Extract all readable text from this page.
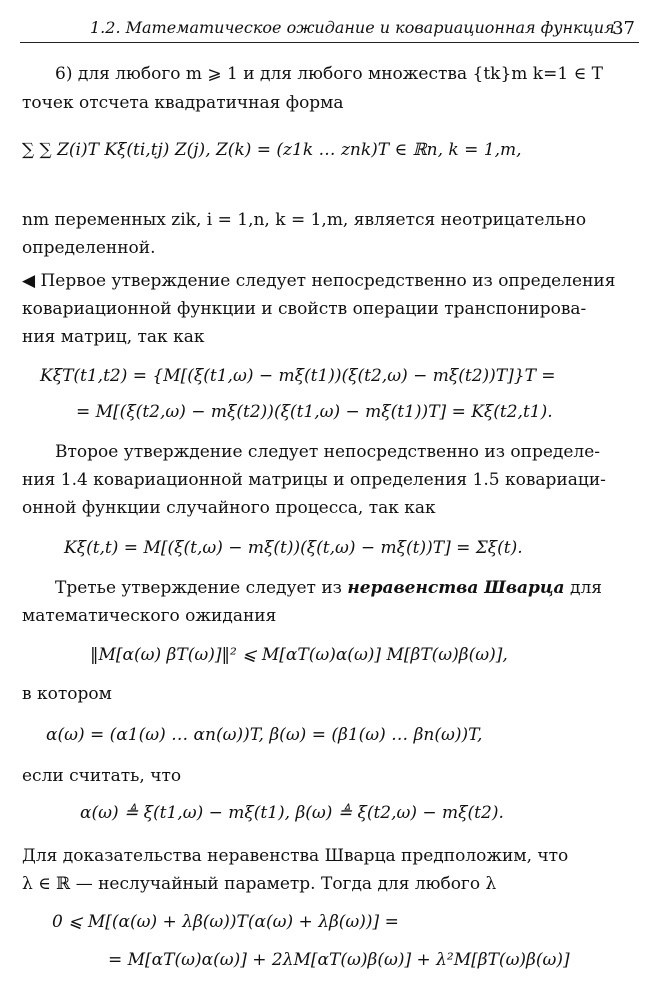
1.2. Математическое ожидание и ковариационная функция
37
6) для любого m ⩾ 1 и для любого множества {tk}m k=1 ∈ T
точек отсчета квадратичная форма
∑ ∑ Z(i)T Kξ(ti,tj) Z(j), Z(k) = (z1k … znk)T ∈ ℝn, k = 1,m,
nm переменных zik, i = 1,n, k = 1,m, является неотрицательно
определенной.
◀ Первое утверждение следует непосредственно из определения
ковариационной функции и свойств операции транспонирова-
ния матриц, так как
KξT(t1,t2) = {M[(ξ(t1,ω) − mξ(t1))(ξ(t2,ω) − mξ(t2))T]}T =
= M[(ξ(t2,ω) − mξ(t2))(ξ(t1,ω) − mξ(t1))T] = Kξ(t2,t1).
Второе утверждение следует непосредственно из определе-
ния 1.4 ковариационной матрицы и определения 1.5 ковариаци-
онной функции случайного процесса, так как
Kξ(t,t) = M[(ξ(t,ω) − mξ(t))(ξ(t,ω) − mξ(t))T] = Σξ(t).
Третье утверждение следует из неравенства Шварца для
математического ожидания
‖M[α(ω) βT(ω)]‖² ⩽ M[αT(ω)α(ω)] M[βT(ω)β(ω)],
в котором
α(ω) = (α1(ω) … αn(ω))T, β(ω) = (β1(ω) … βn(ω))T,
если считать, что
α(ω) ≜ ξ(t1,ω) − mξ(t1), β(ω) ≜ ξ(t2,ω) − mξ(t2).
Для доказательства неравенства Шварца предположим, что
λ ∈ ℝ — неслучайный параметр. Тогда для любого λ
0 ⩽ M[(α(ω) + λβ(ω))T(α(ω) + λβ(ω))] =
= M[αT(ω)α(ω)] + 2λM[αT(ω)β(ω)] + λ²M[βT(ω)β(ω)]
